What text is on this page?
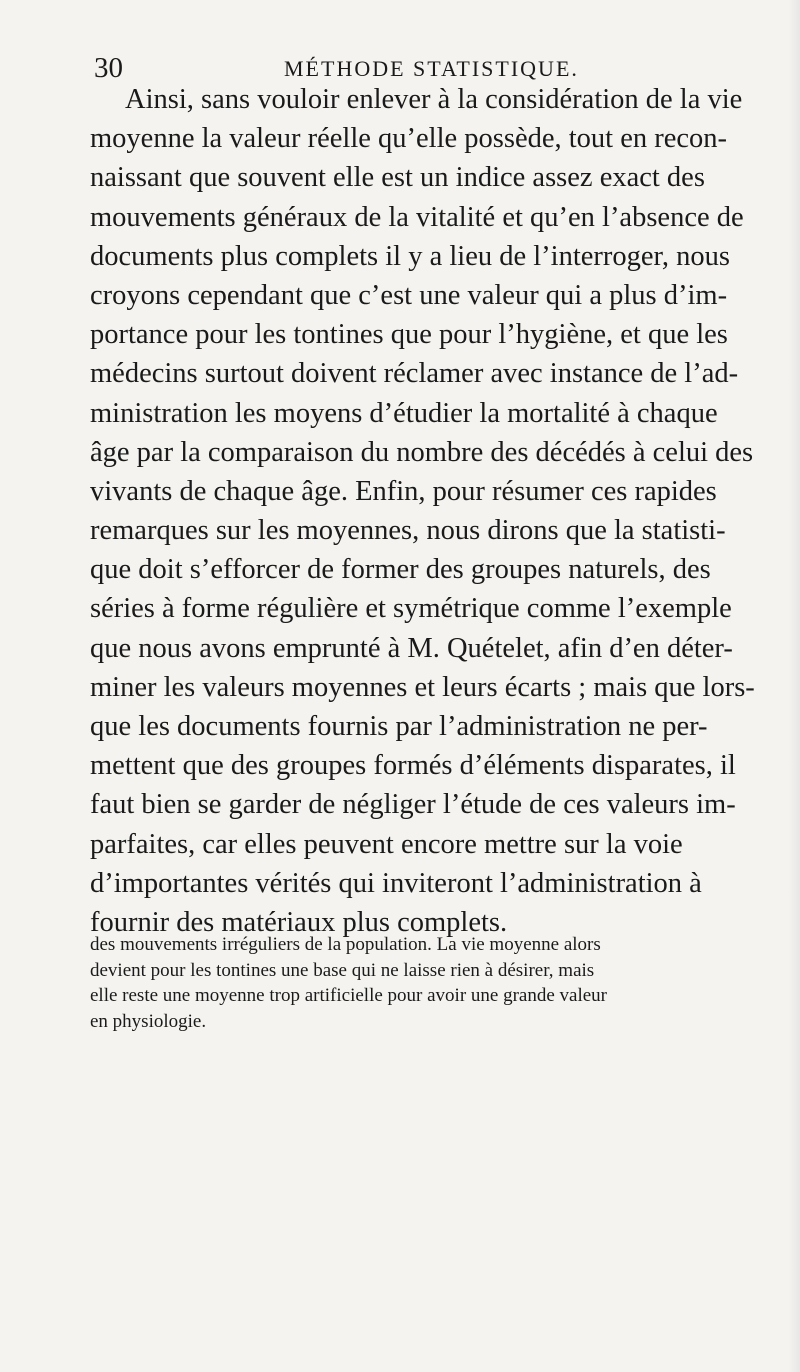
30	MÉTHODE STATISTIQUE.
Ainsi, sans vouloir enlever à la considération de la vie
moyenne la valeur réelle qu’elle possède, tout en recon-
naissant que souvent elle est un indice assez exact des
mouvements généraux de la vitalité et qu’en l’absence de
documents plus complets il y a lieu de l’interroger, nous
croyons cependant que c’est une valeur qui a plus d’im-
portance pour les tontines que pour l’hygiène, et que les
médecins surtout doivent réclamer avec instance de l’ad-
ministration les moyens d’étudier la mortalité à chaque
âge par la comparaison du nombre des décédés à celui des
vivants de chaque âge. Enfin, pour résumer ces rapides
remarques sur les moyennes, nous dirons que la statisti-
que doit s’efforcer de former des groupes naturels, des
séries à forme régulière et symétrique comme l’exemple
que nous avons emprunté à M. Quételet, afin d’en déter-
miner les valeurs moyennes et leurs écarts ; mais que lors-
que les documents fournis par l’administration ne per-
mettent que des groupes formés d’éléments disparates, il
faut bien se garder de négliger l’étude de ces valeurs im-
parfaites, car elles peuvent encore mettre sur la voie
d’importantes vérités qui inviteront l’administration à
fournir des matériaux plus complets.
des mouvements irréguliers de la population. La vie moyenne alors
devient pour les tontines une base qui ne laisse rien à désirer, mais
elle reste une moyenne trop artificielle pour avoir une grande valeur
en physiologie.
